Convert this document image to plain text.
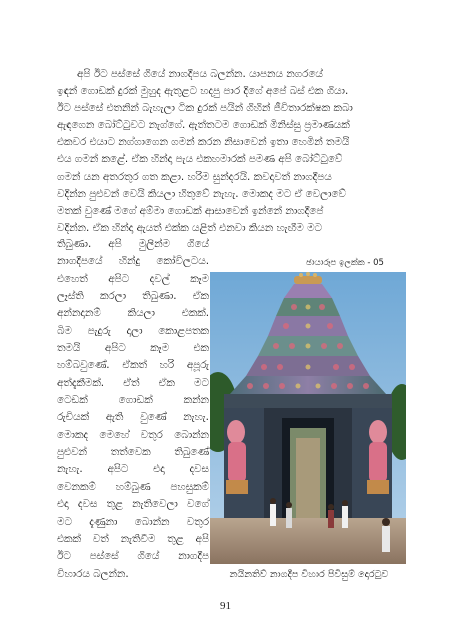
අපි ඊට පස්සේ ගියේ නාගදීපය බලන්න. යාපනය නගරයේ
ඉඳන් ගොඩක් දුරක් මුහුද ඇතුළට හදපු පාර දිගේ අපේ බස් එක ගියා.
ඊට පස්සේ එතනින් බැහැලා ටික දුරක් පයින් ගිහින් ජීවිතාරක්ෂක කබා
ඇඳගෙන බෝට්ටුවට නැග්ගේ. ඇත්තටම ගොඩක් මිනිස්සු ප්‍රමාණයක්
එකවර එයාට නග්ගාගෙන ගමන් කරන නිසාවෙන් ඉතා හෙමින් තමයි
එය ගමන් කළේ. ඒක හින්දා පැය එකහමාරක් පමණ අපි බෝට්ටුවේ
ගමන් යන අතරතුර ගත කළා. හරිම සුන්දරයි. කවදාවත් නාගදීපය
වදින්න පුළුවන් වෙයි කියලා හිතුවේ නැහැ. මොකද මට ඒ වෙලාවේ
මතක් වුණේ මගේ අම්මා ගොඩක් ආසාවෙන් ඉන්නේ නාගදීපේ
වදින්න. ඒක හින්දා ඇයත් එක්ක යළිත් එනවා කියන හැඟීම මට
තිබුණා. අපි මුලින්ම ගියේ
නාගදීපයේ හින්දු කෝවිලටය.
එහෙත් අපිට දවල් කෑම
ලෑස්ති කරලා තිබුණා. ඒක
අන්නදානම් කියලා එකක්.
බිම පැදුරු දාලා කොළපතක
තමයි අපිට කෑම එක
හම්බවුණේ. ඒකත් හරි අපූරු
අත්දැකීමක්. ඒත් ඒක මට
ටෙඩක් ගොඩක් කන්න
රුචියක් ඇති වුණේ නැහැ.
මොකද මෙහේ වතුර බොන්න
පුළුවන් තත්වෙක තිබුණේ
නැහැ. අපිට එදා දවස
වෙනකම් හම්බුණ පහසුකම්
එදා දවස තුළ නැතිවෙලා වගේ
මට දැණුනා බොන්න වතුර
එකක් වත් නැතිවීම තුළ අපි
ඊට පස්සේ ගියේ නාගදීප
විහාරය බලන්න.
ඡායාරූප ඉලක්ක - 05
නයිනතිව් නාගදීප විහාර පිවිසුම් දොරටුව
91
